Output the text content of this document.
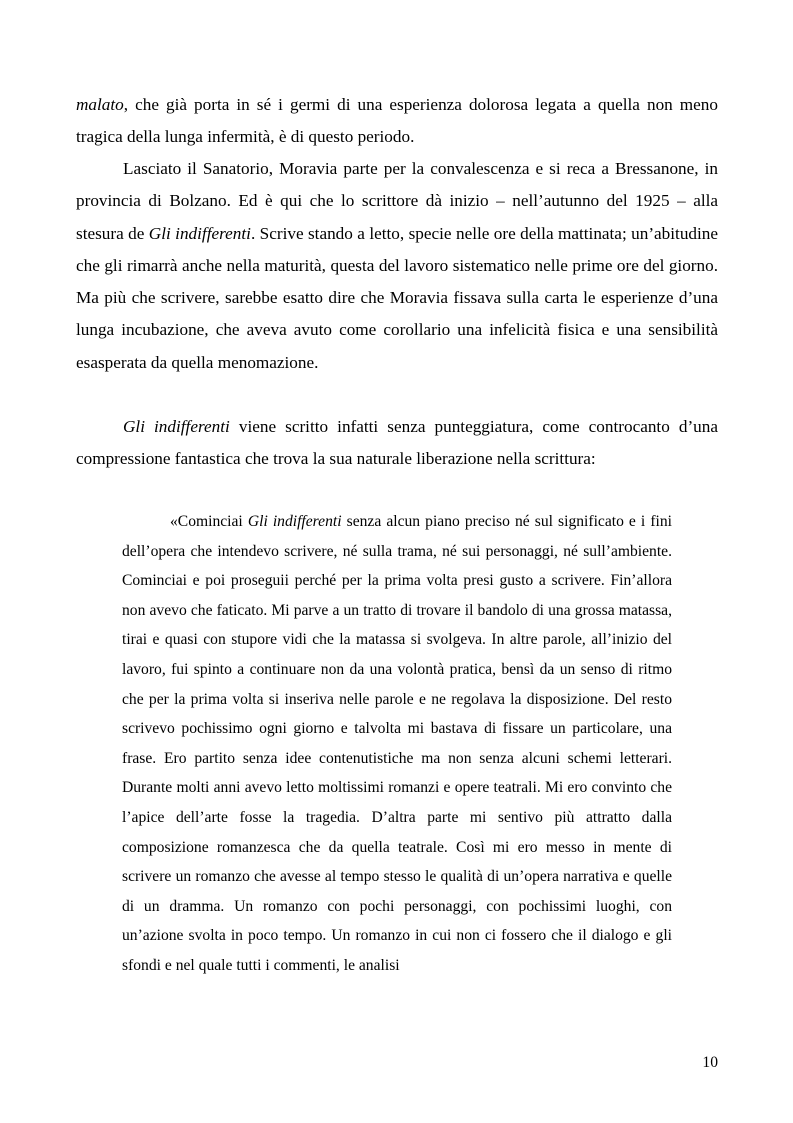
malato, che già porta in sé i germi di una esperienza dolorosa legata a quella non meno tragica della lunga infermità, è di questo periodo.

Lasciato il Sanatorio, Moravia parte per la convalescenza e si reca a Bressanone, in provincia di Bolzano. Ed è qui che lo scrittore dà inizio – nell’autunno del 1925 – alla stesura de Gli indifferenti. Scrive stando a letto, specie nelle ore della mattinata; un’abitudine che gli rimarrà anche nella maturità, questa del lavoro sistematico nelle prime ore del giorno. Ma più che scrivere, sarebbe esatto dire che Moravia fissava sulla carta le esperienze d’una lunga incubazione, che aveva avuto come corollario una infelicità fisica e una sensibilità esasperata da quella menomazione.

Gli indifferenti viene scritto infatti senza punteggiatura, come controcanto d’una compressione fantastica che trova la sua naturale liberazione nella scrittura:

«Cominciai Gli indifferenti senza alcun piano preciso né sul significato e i fini dell’opera che intendevo scrivere, né sulla trama, né sui personaggi, né sull’ambiente. Cominciai e poi proseguii perché per la prima volta presi gusto a scrivere. Fin’allora non avevo che faticato. Mi parve a un tratto di trovare il bandolo di una grossa matassa, tirai e quasi con stupore vidi che la matassa si svolgeva. In altre parole, all’inizio del lavoro, fui spinto a continuare non da una volontà pratica, bensì da un senso di ritmo che per la prima volta si inseriva nelle parole e ne regolava la disposizione. Del resto scrivevo pochissimo ogni giorno e talvolta mi bastava di fissare un particolare, una frase. Ero partito senza idee contenutistiche ma non senza alcuni schemi letterari. Durante molti anni avevo letto moltissimi romanzi e opere teatrali. Mi ero convinto che l’apice dell’arte fosse la tragedia. D’altra parte mi sentivo più attratto dalla composizione romanzesca che da quella teatrale. Così mi ero messo in mente di scrivere un romanzo che avesse al tempo stesso le qualità di un’opera narrativa e quelle di un dramma. Un romanzo con pochi personaggi, con pochissimi luoghi, con un’azione svolta in poco tempo. Un romanzo in cui non ci fossero che il dialogo e gli sfondi e nel quale tutti i commenti, le analisi

10
